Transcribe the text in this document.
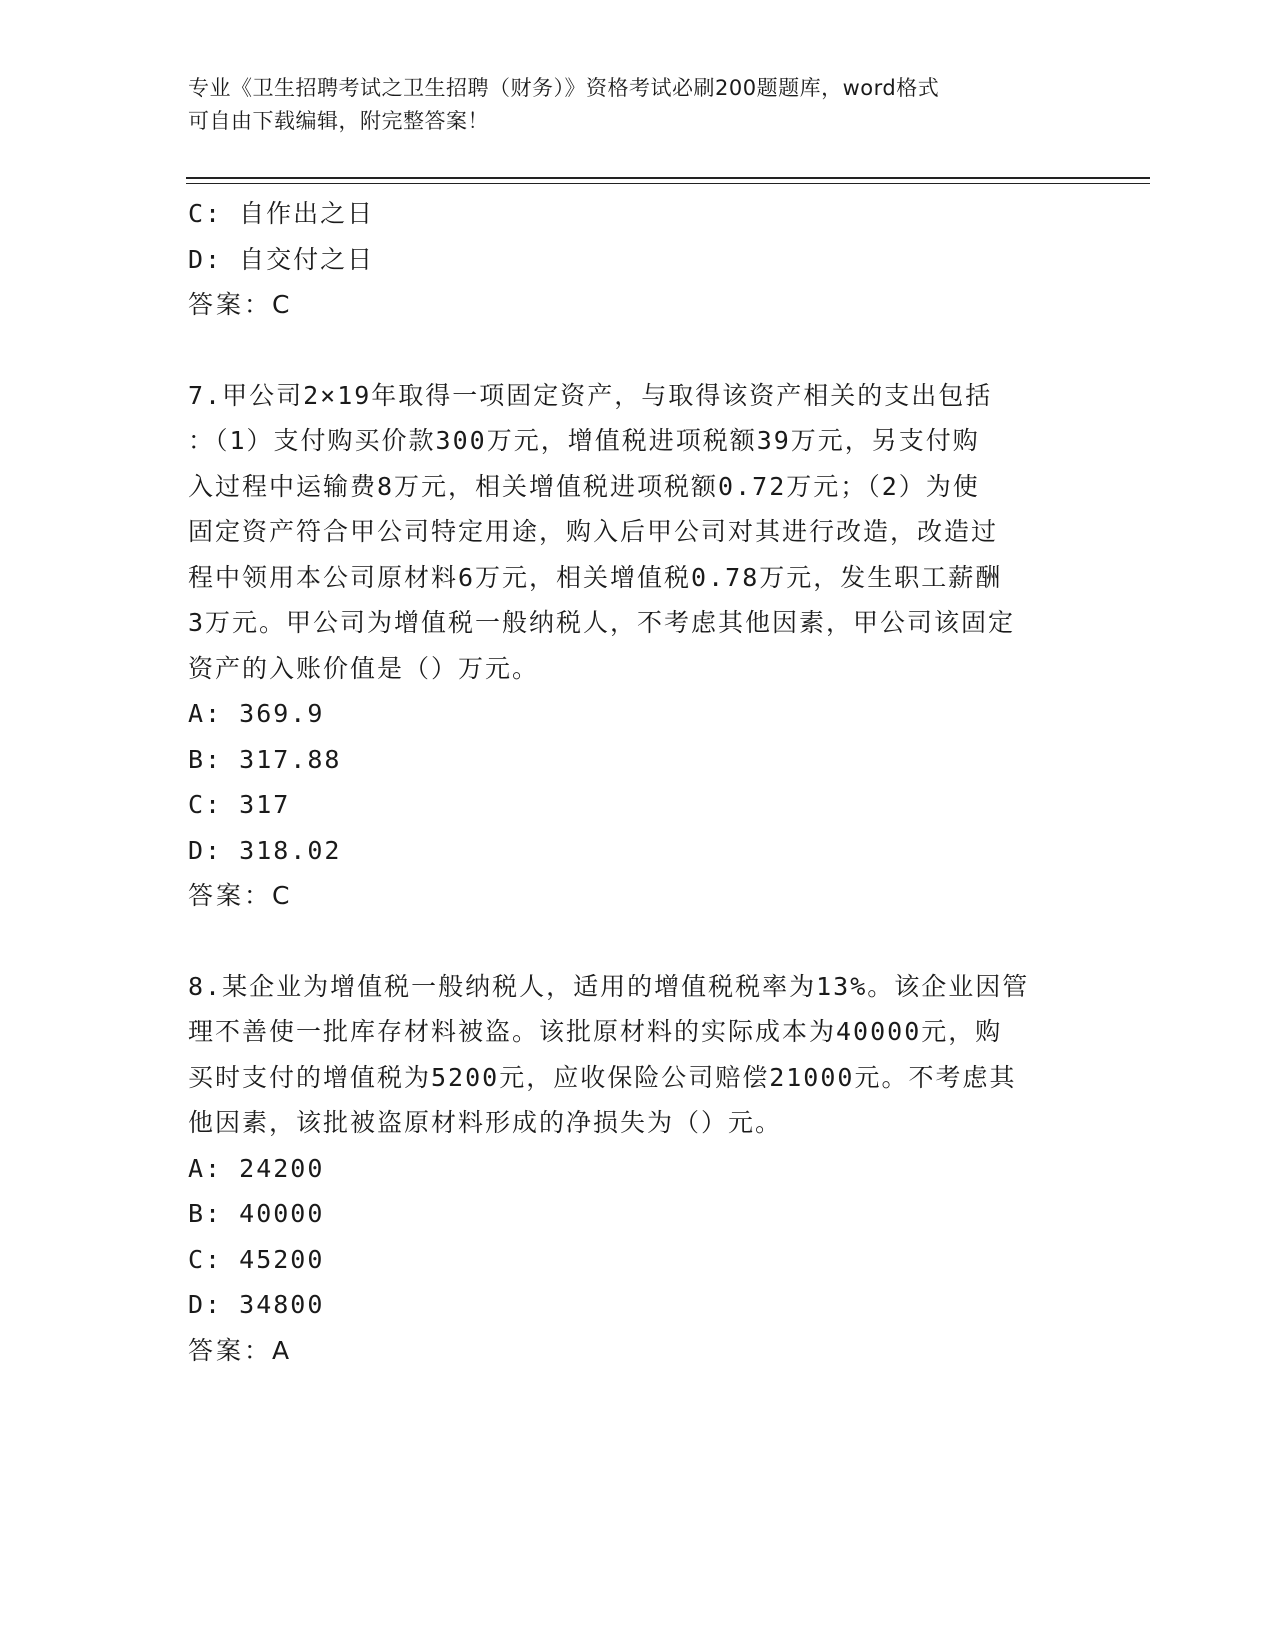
专业《卫生招聘考试之卫生招聘（财务）》资格考试必刷200题题库，word格式
可自由下载编辑，附完整答案！
C: 自作出之日
D: 自交付之日
答案：C
7.甲公司2×19年取得一项固定资产，与取得该资产相关的支出包括
：（1）支付购买价款300万元，增值税进项税额39万元，另支付购
入过程中运输费8万元，相关增值税进项税额0.72万元；（2）为使
固定资产符合甲公司特定用途，购入后甲公司对其进行改造，改造过
程中领用本公司原材料6万元，相关增值税0.78万元，发生职工薪酬
3万元。甲公司为增值税一般纳税人，不考虑其他因素，甲公司该固定
资产的入账价值是（）万元。
A: 369.9
B: 317.88
C: 317
D: 318.02
答案：C
8.某企业为增值税一般纳税人，适用的增值税税率为13%。该企业因管
理不善使一批库存材料被盗。该批原材料的实际成本为40000元，购
买时支付的增值税为5200元，应收保险公司赔偿21000元。不考虑其
他因素，该批被盗原材料形成的净损失为（）元。
A: 24200
B: 40000
C: 45200
D: 34800
答案：A
